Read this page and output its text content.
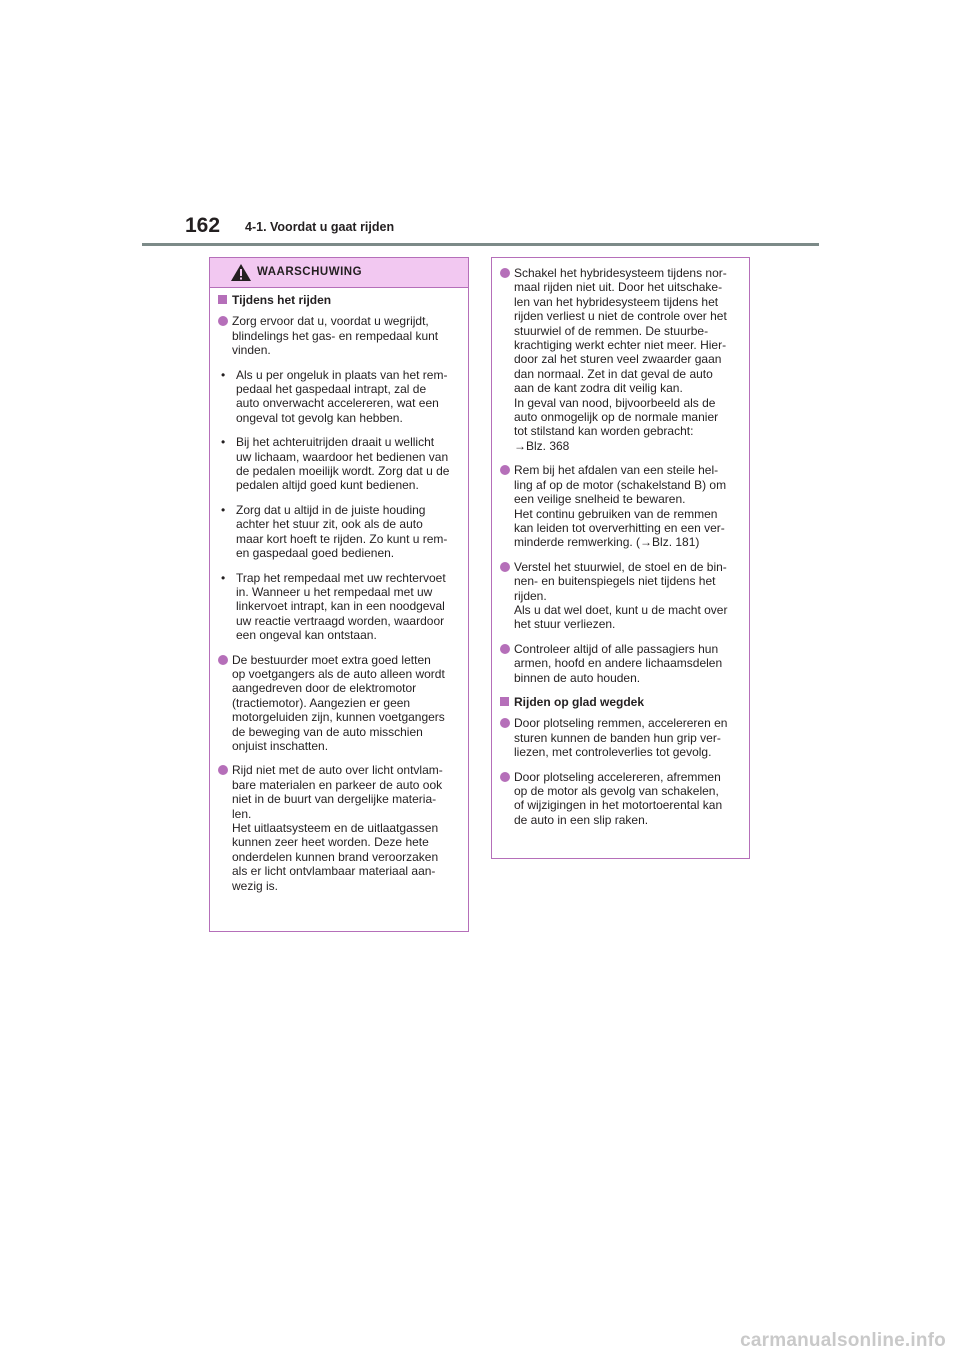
162 4-1. Voordat u gaat rijden
WAARSCHUWING
Tijdens het rijden
Zorg ervoor dat u, voordat u wegrijdt,
blindelings het gas- en rempedaal kunt
vinden.
• Als u per ongeluk in plaats van het rem-
pedaal het gaspedaal intrapt, zal de
auto onverwacht accelereren, wat een
ongeval tot gevolg kan hebben.
• Bij het achteruitrijden draait u wellicht
uw lichaam, waardoor het bedienen van
de pedalen moeilijk wordt. Zorg dat u de
pedalen altijd goed kunt bedienen.
• Zorg dat u altijd in de juiste houding
achter het stuur zit, ook als de auto
maar kort hoeft te rijden. Zo kunt u rem-
en gaspedaal goed bedienen.
• Trap het rempedaal met uw rechtervoet
in. Wanneer u het rempedaal met uw
linkervoet intrapt, kan in een noodgeval
uw reactie vertraagd worden, waardoor
een ongeval kan ontstaan.
De bestuurder moet extra goed letten
op voetgangers als de auto alleen wordt
aangedreven door de elektromotor
(tractiemotor). Aangezien er geen
motorgeluiden zijn, kunnen voetgangers
de beweging van de auto misschien
onjuist inschatten.
Rijd niet met de auto over licht ontvlam-
bare materialen en parkeer de auto ook
niet in de buurt van dergelijke materia-
len.
Het uitlaatsysteem en de uitlaatgassen
kunnen zeer heet worden. Deze hete
onderdelen kunnen brand veroorzaken
als er licht ontvlambaar materiaal aan-
wezig is.
Schakel het hybridesysteem tijdens nor-
maal rijden niet uit. Door het uitschake-
len van het hybridesysteem tijdens het
rijden verliest u niet de controle over het
stuurwiel of de remmen. De stuurbe-
krachtiging werkt echter niet meer. Hier-
door zal het sturen veel zwaarder gaan
dan normaal. Zet in dat geval de auto
aan de kant zodra dit veilig kan.
In geval van nood, bijvoorbeeld als de
auto onmogelijk op de normale manier
tot stilstand kan worden gebracht:
→Blz. 368
Rem bij het afdalen van een steile hel-
ling af op de motor (schakelstand B) om
een veilige snelheid te bewaren.
Het continu gebruiken van de remmen
kan leiden tot oververhitting en een ver-
minderde remwerking. (→Blz. 181)
Verstel het stuurwiel, de stoel en de bin-
nen- en buitenspiegels niet tijdens het
rijden.
Als u dat wel doet, kunt u de macht over
het stuur verliezen.
Controleer altijd of alle passagiers hun
armen, hoofd en andere lichaamsdelen
binnen de auto houden.
Rijden op glad wegdek
Door plotseling remmen, accelereren en
sturen kunnen de banden hun grip ver-
liezen, met controleverlies tot gevolg.
Door plotseling accelereren, afremmen
op de motor als gevolg van schakelen,
of wijzigingen in het motortoerental kan
de auto in een slip raken.
carmanualsonline.info
